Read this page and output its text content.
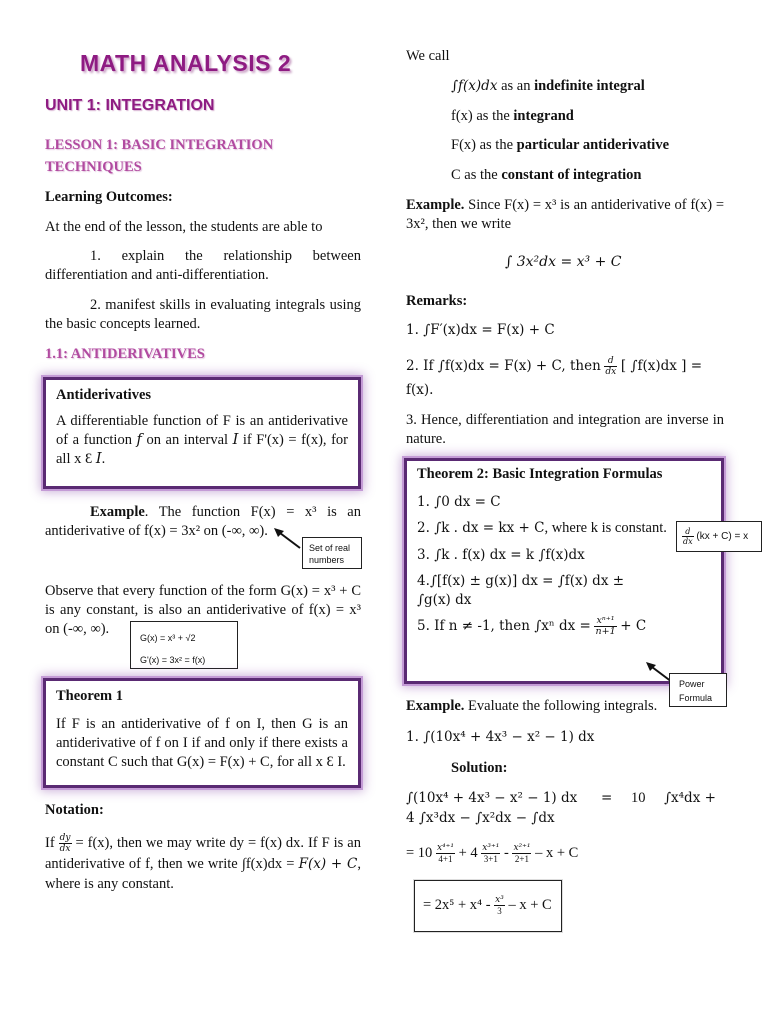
MATH ANALYSIS 2
UNIT 1: INTEGRATION
LESSON 1: BASIC INTEGRATION TECHNIQUES
Learning Outcomes:
At the end of the lesson, the students are able to
1. explain the relationship between differentiation and anti-differentiation.
2. manifest skills in evaluating integrals using the basic concepts learned.
1.1: ANTIDERIVATIVES
Antiderivatives
A differentiable function of F is an antiderivative of a function f on an interval I if F'(x) = f(x), for all x Ɛ I.
Example. The function F(x) = x³ is an antiderivative of f(x) = 3x² on (-∞, ∞).
Set of real numbers
Observe that every function of the form G(x) = x³ + C is any constant, is also an antiderivative of f(x) = x³ on (-∞, ∞).
G(x) = x³ + √2
G'(x) = 3x² = f(x)
Theorem 1
If F is an antiderivative of f on I, then G is an antiderivative of f on I if and only if there exists a constant C such that G(x) = F(x) + C, for all x Ɛ I.
Notation:
If $\frac{dy}{dx} = f(x)$, then we may write dy = f(x) dx. If F is an antiderivative of f, then we write ∫f(x)dx = F(x) + C, where is any constant.
We call
∫f(x)dx as an indefinite integral
f(x) as the integrand
F(x) as the particular antiderivative
C as the constant of integration
Example. Since F(x) = x³ is an antiderivative of f(x) = 3x², then we write
∫ 3x²dx = x³ + C
Remarks:
1. ∫F′(x)dx = F(x) + C
2. If ∫f(x)dx = F(x) + C, then $\frac{d}{dx}$ [ ∫f(x)dx ] =
f(x).
3. Hence, differentiation and integration are inverse in nature.
Theorem 2: Basic Integration Formulas
1. ∫0 dx = C
2. ∫k . dx = kx + C, where k is constant.
3. ∫k . f(x) dx = k ∫f(x)dx
4.∫[f(x) ± g(x)] dx = ∫f(x) dx ±
∫g(x) dx
5. If n ≠ -1, then ∫xⁿ dx = $\frac{\text{xⁿ⁺¹}}{n+1} + C$
$\frac{d}{dx} (kx + C) = x$
Power Formula
Example. Evaluate the following integrals.
1. ∫(10x⁴ + 4x³ − x² − 1) dx
Solution:
∫(10x⁴ + 4x³ − x² − 1) dx = 10 ∫x⁴dx +
4 ∫x³dx − ∫x²dx − ∫dx
= $10 \frac{\text{x⁴⁺¹}}{4+1} + 4 \frac{\text{x³⁺¹}}{3+1} - \frac{\text{x²⁺¹}}{2+1} - x + C$
= $2x^5 + x^4 - \frac{\text{x³}}{3} - x + C$
